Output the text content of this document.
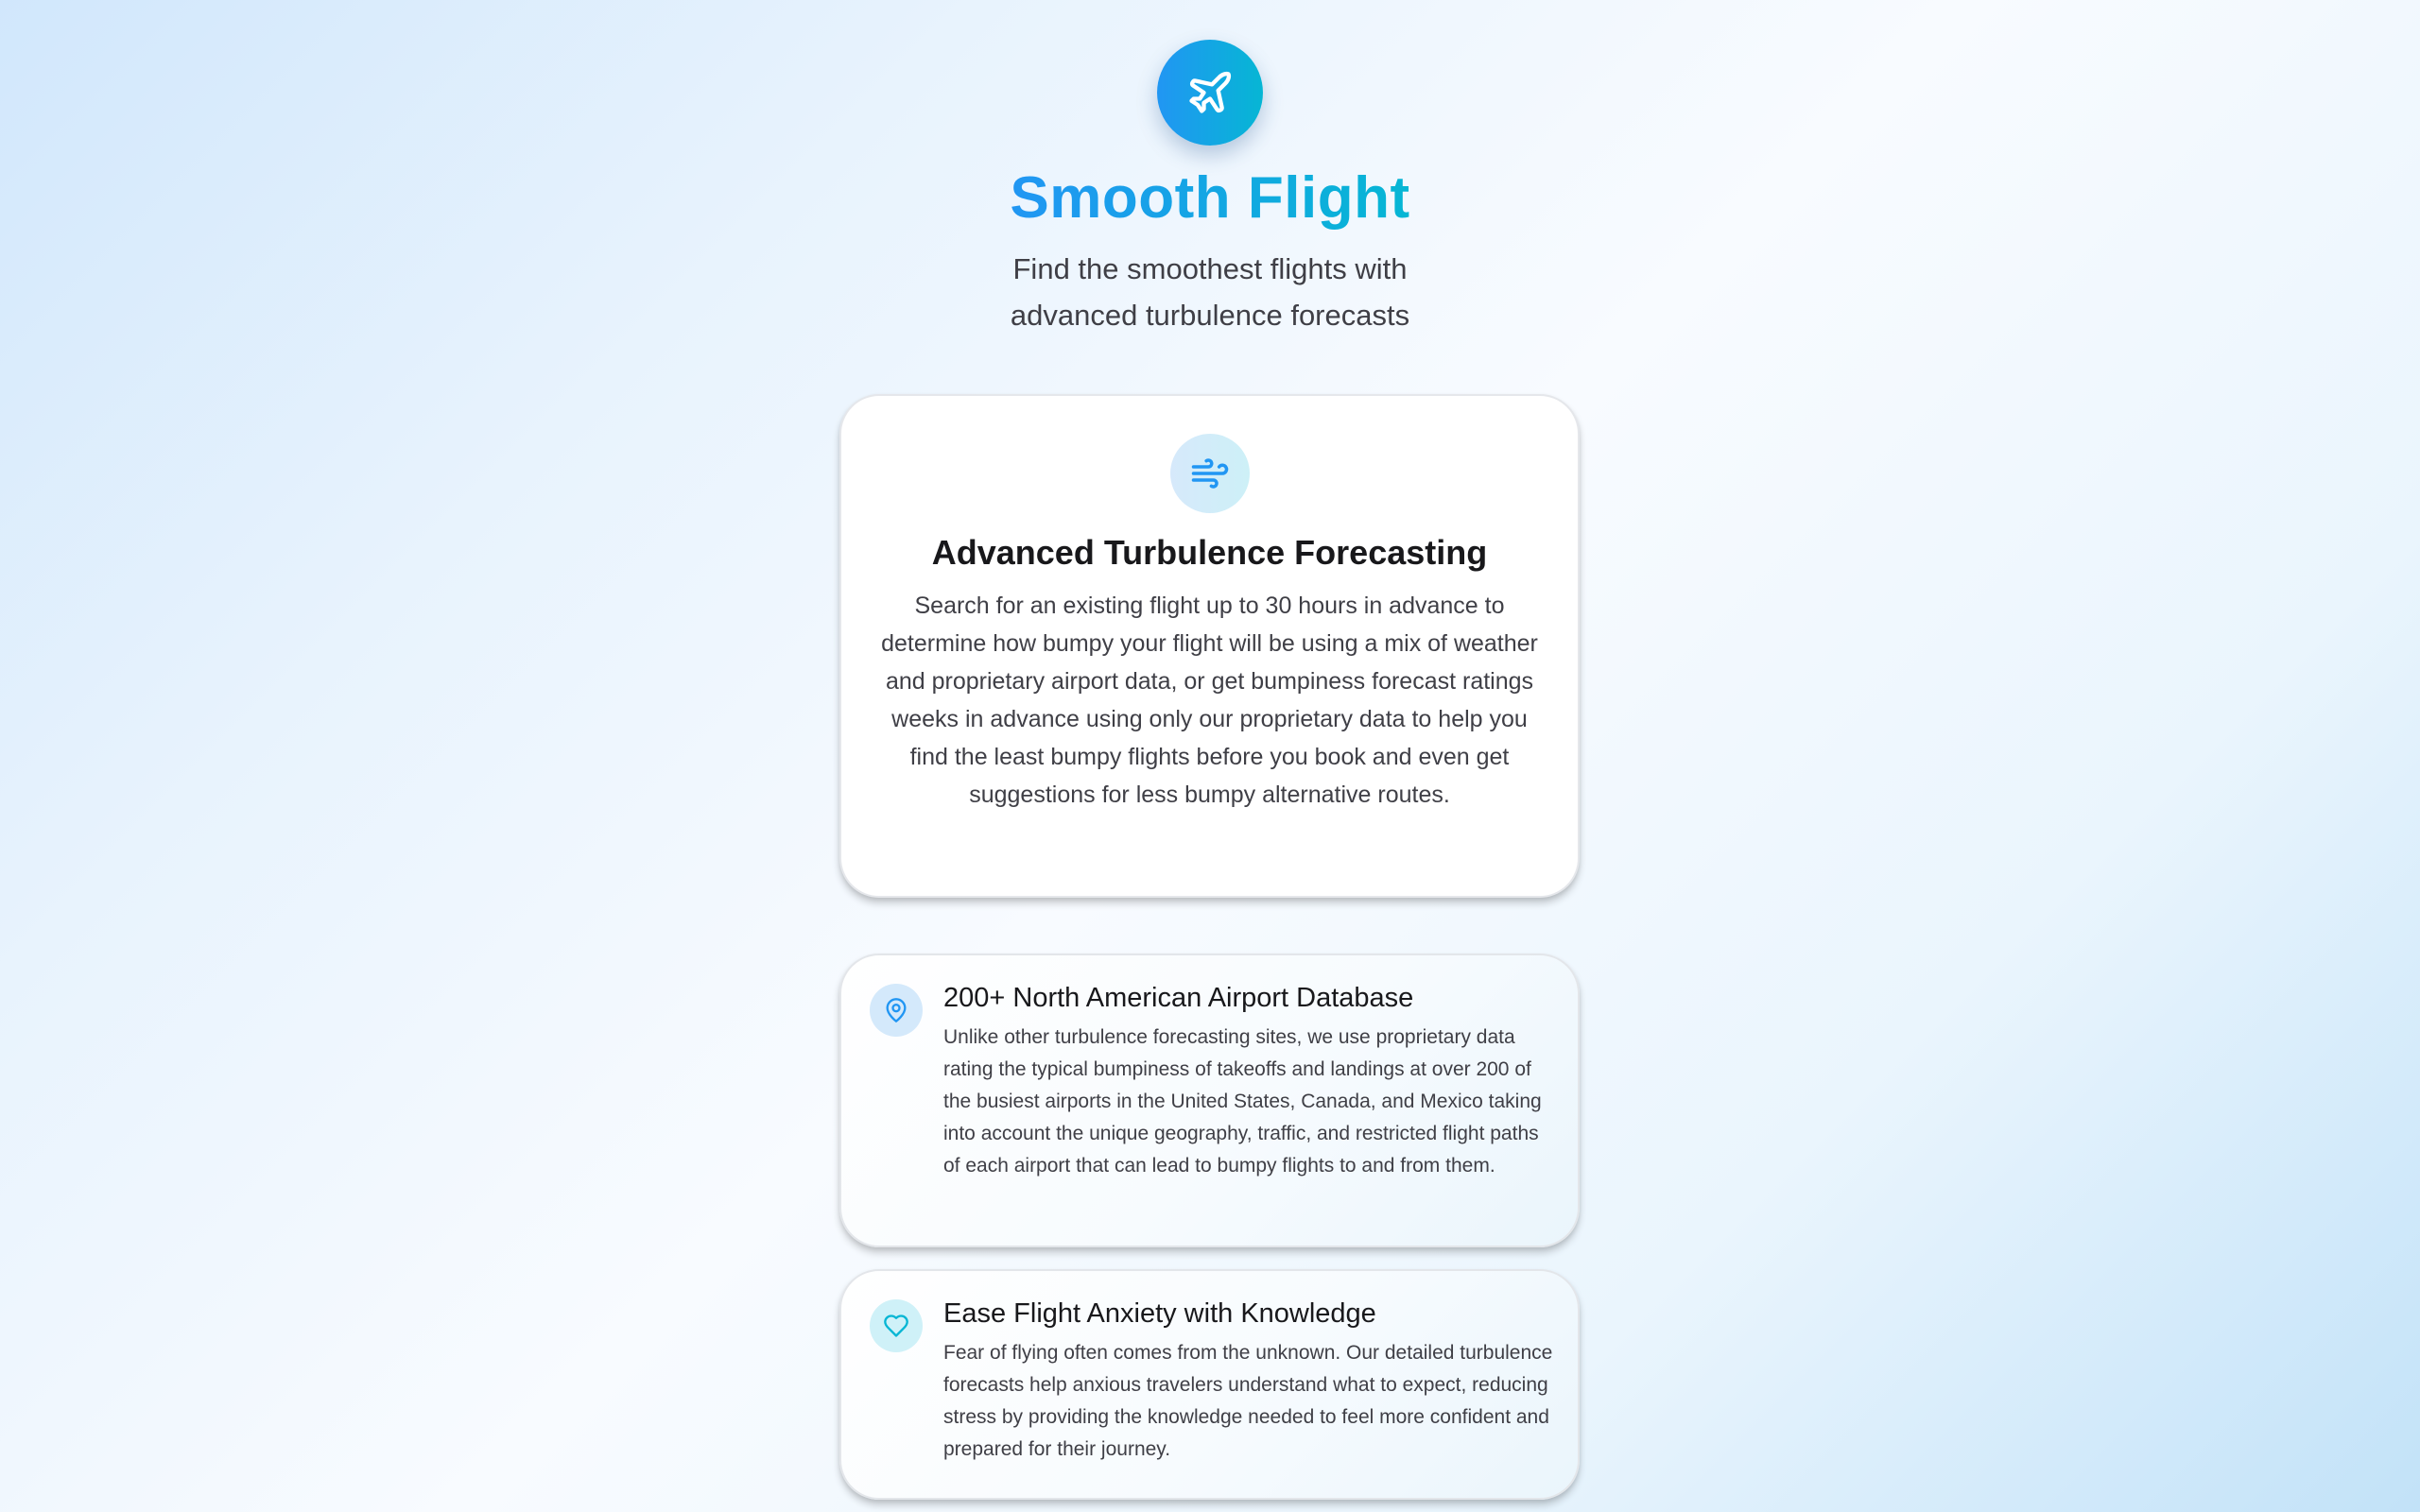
Smooth Flight

Find the smoothest flights with advanced turbulence forecasts

Advanced Turbulence Forecasting

Search for an existing flight up to 30 hours in advance to determine how bumpy your flight will be using a mix of weather and proprietary airport data, or get bumpiness forecast ratings weeks in advance using only our proprietary data to help you find the least bumpy flights before you book and even get suggestions for less bumpy alternative routes.

200+ North American Airport Database

Unlike other turbulence forecasting sites, we use proprietary data rating the typical bumpiness of takeoffs and landings at over 200 of the busiest airports in the United States, Canada, and Mexico taking into account the unique geography, traffic, and restricted flight paths of each airport that can lead to bumpy flights to and from them.

Ease Flight Anxiety with Knowledge

Fear of flying often comes from the unknown. Our detailed turbulence forecasts help anxious travelers understand what to expect, reducing stress by providing the knowledge needed to feel more confident and prepared for their journey.
